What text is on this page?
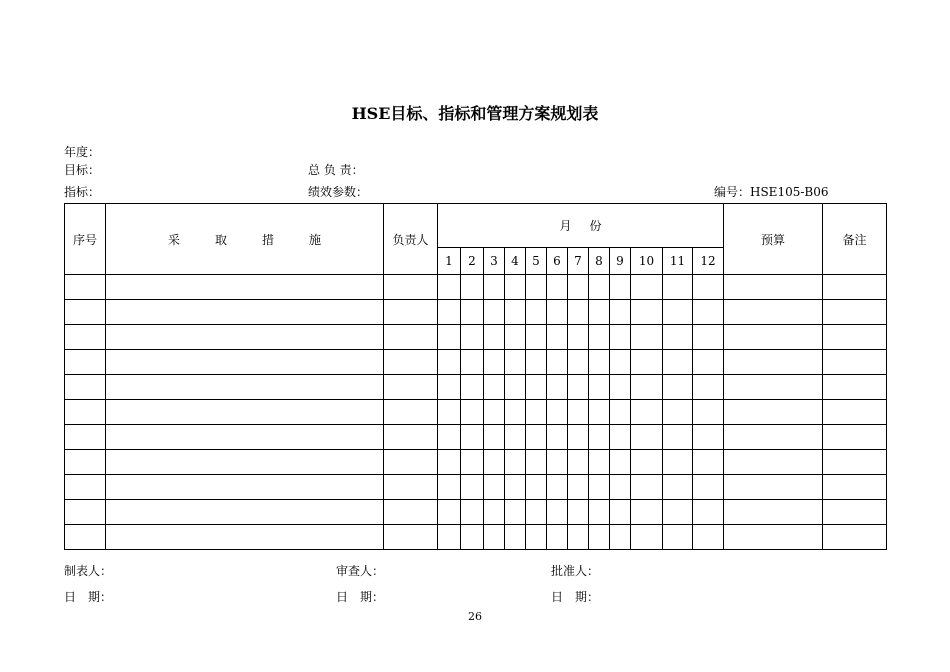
HSE目标、指标和管理方案规划表
年度：
目标：	总 负 责：
指标：	绩效参数：	编号：HSE105-B06
序号	采 取 措 施	负责人	月 份												预算	备注
			1	2	3	4	5	6	7	8	9	10	11	12		

制表人：	审查人：	批准人：
日　期：	日　期：	日　期：
26
